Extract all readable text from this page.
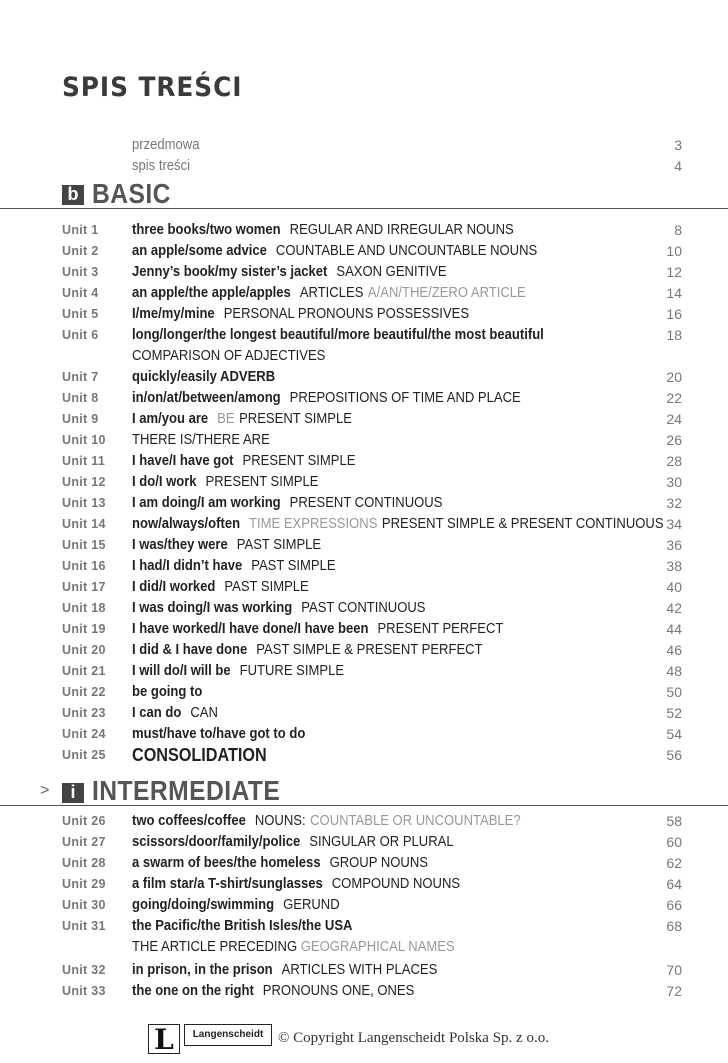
SPIS TREŚCI
przedmowa	3
spis treści	4
b BASIC
>	i INTERMEDIATE
Unit 1 three books/two women REGULAR AND IRREGULAR NOUNS	8
Unit 2 an apple/some advice COUNTABLE AND UNCOUNTABLE NOUNS	10
Unit 3 Jenny’s book/my sister’s jacket SAXON GENITIVE	12
Unit 4 an apple/the apple/apples ARTICLES A/AN/THE/ZERO ARTICLE	14
Unit 5 I/me/my/mine PERSONAL PRONOUNS POSSESSIVES	16
Unit 6 long/longer/the longest beautiful/more beautiful/the most beautiful	18
COMPARISON OF ADJECTIVES
Unit 7 quickly/easily ADVERB	20
Unit 8 in/on/at/between/among PREPOSITIONS OF TIME AND PLACE	22
Unit 9 I am/you are BE PRESENT SIMPLE	24
Unit 10 THERE IS/THERE ARE	26
Unit 11 I have/I have got PRESENT SIMPLE	28
Unit 12 I do/I work PRESENT SIMPLE	30
Unit 13 I am doing/I am working PRESENT CONTINUOUS	32
Unit 14 now/always/often TIME EXPRESSIONS PRESENT SIMPLE & PRESENT CONTINUOUS 34
Unit 15 I was/they were PAST SIMPLE	36
Unit 16 I had/I didn’t have PAST SIMPLE	38
Unit 17 I did/I worked PAST SIMPLE	40
Unit 18 I was doing/I was working PAST CONTINUOUS	42
Unit 19 I have worked/I have done/I have been PRESENT PERFECT	44
Unit 20 I did & I have done PAST SIMPLE & PRESENT PERFECT	46
Unit 21 I will do/I will be FUTURE SIMPLE	48
Unit 22 be going to	50
Unit 23 I can do CAN	52
Unit 24 must/have to/have got to do	54
Unit 25 CONSOLIDATION	56
Unit 26 two coffees/coffee NOUNS: COUNTABLE OR UNCOUNTABLE?	58
Unit 27 scissors/door/family/police SINGULAR OR PLURAL	60
Unit 28 a swarm of bees/the homeless GROUP NOUNS	62
Unit 29 a film star/a T-shirt/sunglasses COMPOUND NOUNS	64
Unit 30 going/doing/swimming GERUND	66
Unit 31 the Pacific/the British Isles/the USA	68
THE ARTICLE PRECEDING GEOGRAPHICAL NAMES
Unit 32 in prison, in the prison ARTICLES WITH PLACES	70
Unit 33 the one on the right PRONOUNS ONE, ONES	72
L	Langenscheidt © Copyright Langenscheidt Polska Sp. z o.o.
